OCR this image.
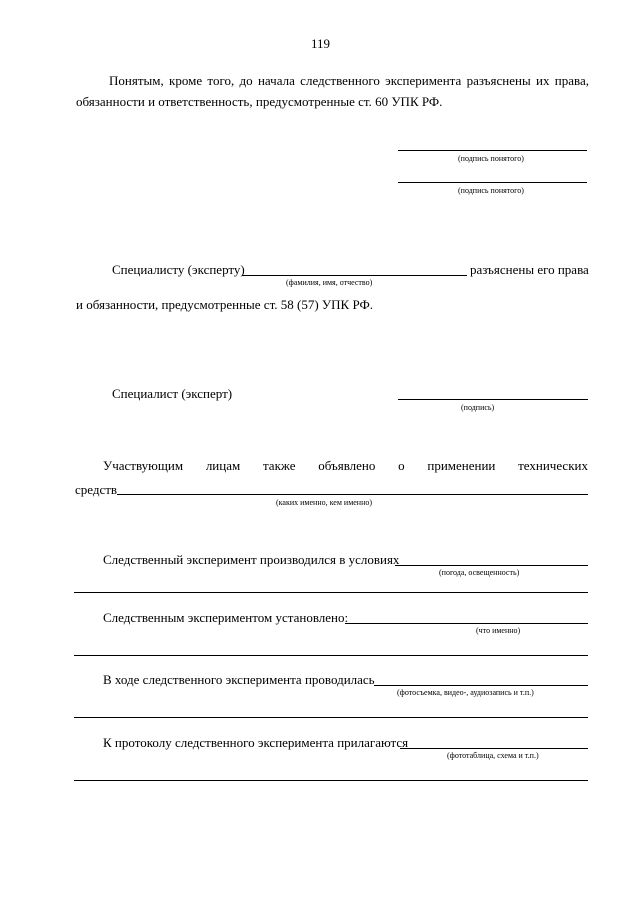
119
Понятым, кроме того, до начала следственного эксперимента разъяснены их права,
обязанности и ответственность, предусмотренные ст. 60 УПК РФ.
(подпись понятого)
(подпись понятого)
Специалисту (эксперту)	разъяснены его права
(фамилия, имя, отчество)
и обязанности, предусмотренные ст. 58 (57) УПК РФ.
Специалист (эксперт)
(подпись)
Участвующим лицам также объявлено о применении технических
средств
(каких именно, кем именно)
Следственный эксперимент производился в условиях
(погода, освещенность)
Следственным экспериментом установлено:
(что именно)
В ходе следственного эксперимента проводилась
(фотосъемка, видео-, аудиозапись и т.п.)
К протоколу следственного эксперимента прилагаются
(фототаблица, схема и т.п.)
